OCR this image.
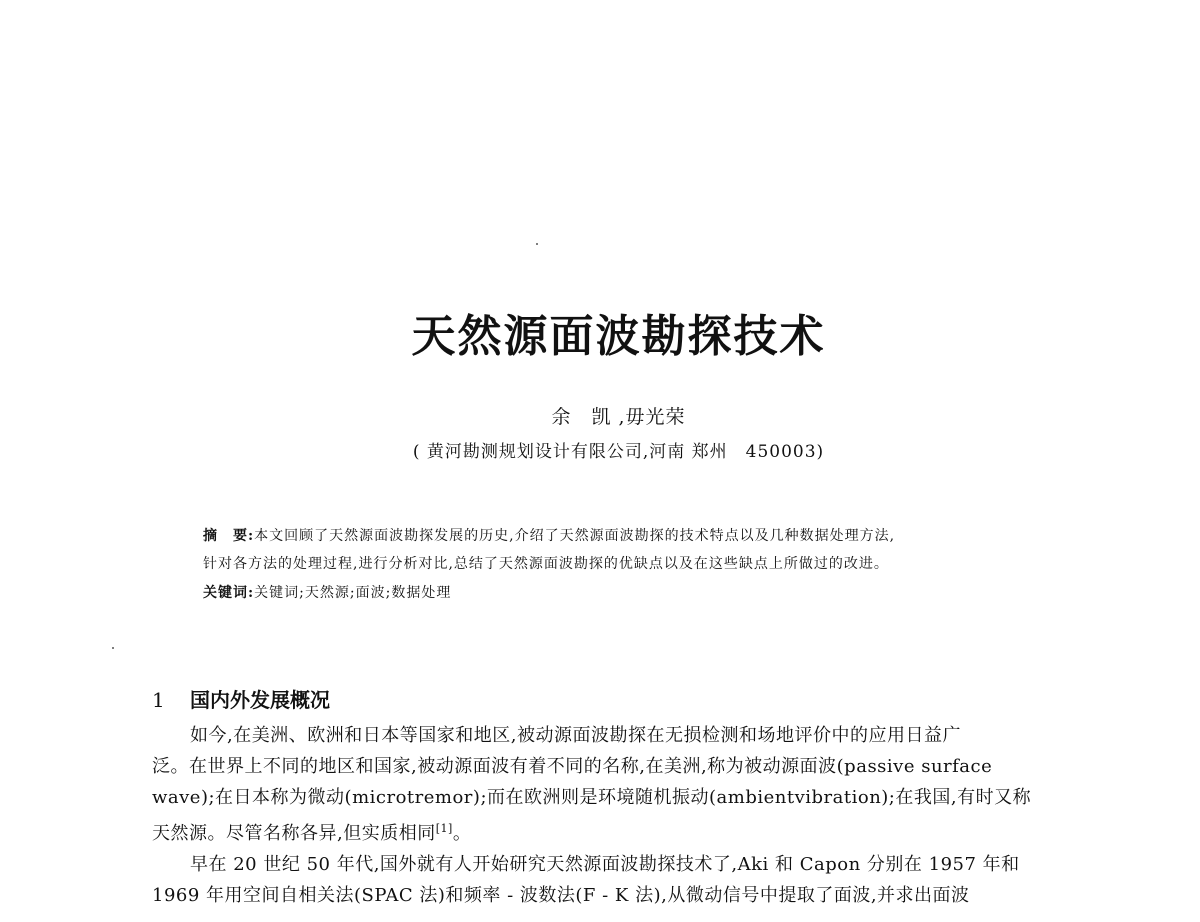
天然源面波勘探技术
余　凯 ,毋光荣
( 黄河勘测规划设计有限公司,河南 郑州　450003)
摘　要:本文回顾了天然源面波勘探发展的历史,介绍了天然源面波勘探的技术特点以及几种数据处理方法,
针对各方法的处理过程,进行分析对比,总结了天然源面波勘探的优缺点以及在这些缺点上所做过的改进。
关键词:关键词;天然源;面波;数据处理
1 国内外发展概况
如今,在美洲、欧洲和日本等国家和地区,被动源面波勘探在无损检测和场地评价中的应用日益广
泛。在世界上不同的地区和国家,被动源面波有着不同的名称,在美洲,称为被动源面波(passive surface
wave);在日本称为微动(microtremor);而在欧洲则是环境随机振动(ambientvibration);在我国,有时又称
天然源。尽管名称各异,但实质相同[1]。
早在 20 世纪 50 年代,国外就有人开始研究天然源面波勘探技术了,Aki 和 Capon 分别在 1957 年和
1969 年用空间自相关法(SPAC 法)和频率 - 波数法(F - K 法),从微动信号中提取了面波,并求出面波
